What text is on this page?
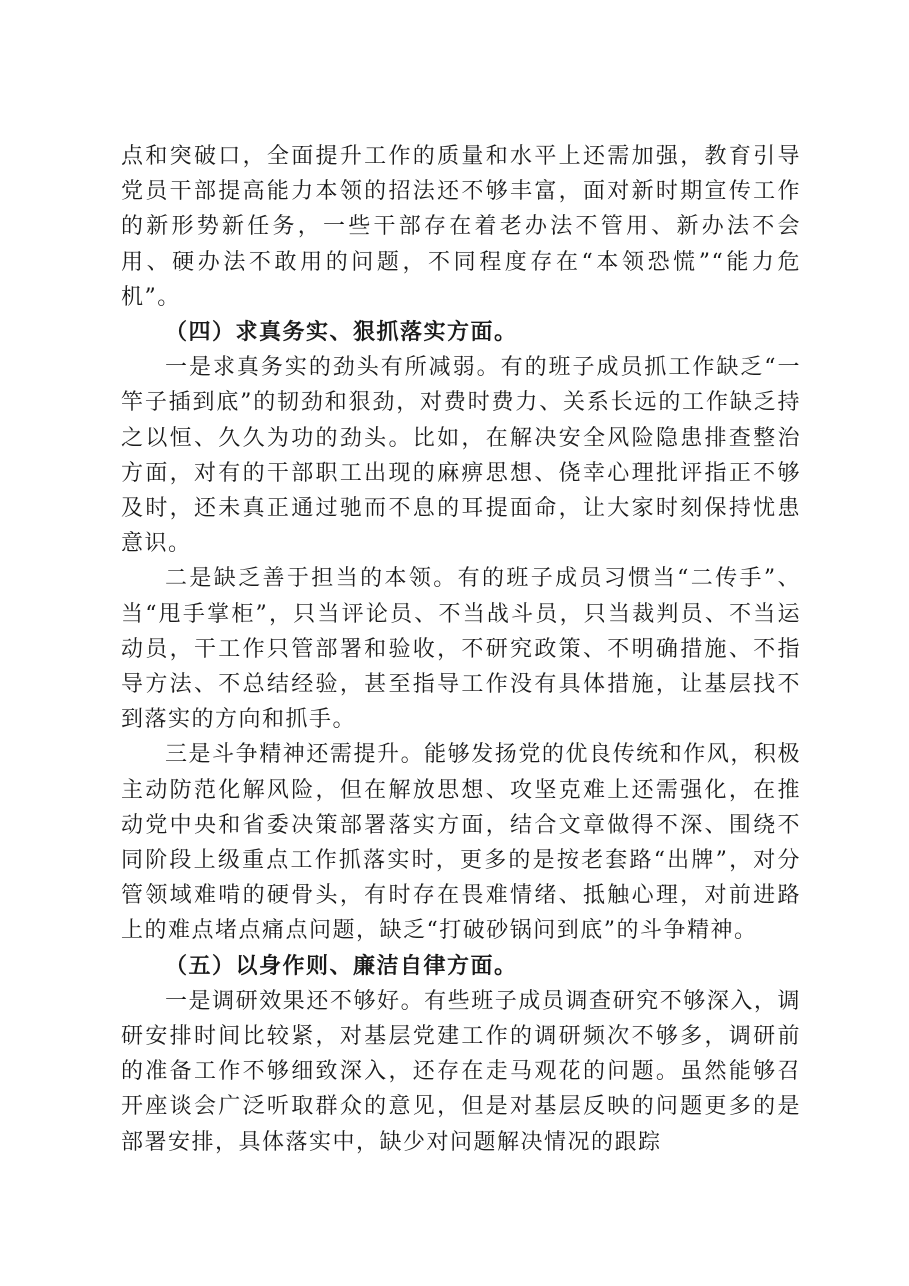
点和突破口，全面提升工作的质量和水平上还需加强，教育引导党员干部提高能力本领的招法还不够丰富，面对新时期宣传工作的新形势新任务，一些干部存在着老办法不管用、新办法不会用、硬办法不敢用的问题，不同程度存在“本领恐慌”“能力危机”。

（四）求真务实、狠抓落实方面。

一是求真务实的劲头有所减弱。有的班子成员抓工作缺乏“一竿子插到底”的韧劲和狠劲，对费时费力、关系长远的工作缺乏持之以恒、久久为功的劲头。比如，在解决安全风险隐患排查整治方面，对有的干部职工出现的麻痹思想、侥幸心理批评指正不够及时，还未真正通过驰而不息的耳提面命，让大家时刻保持忧患意识。

二是缺乏善于担当的本领。有的班子成员习惯当“二传手”、当“甩手掌柜”，只当评论员、不当战斗员，只当裁判员、不当运动员，干工作只管部署和验收，不研究政策、不明确措施、不指导方法、不总结经验，甚至指导工作没有具体措施，让基层找不到落实的方向和抓手。

三是斗争精神还需提升。能够发扬党的优良传统和作风，积极主动防范化解风险，但在解放思想、攻坚克难上还需强化，在推动党中央和省委决策部署落实方面，结合文章做得不深、围绕不同阶段上级重点工作抓落实时，更多的是按老套路“出牌”，对分管领域难啃的硬骨头，有时存在畏难情绪、抵触心理，对前进路上的难点堵点痛点问题，缺乏“打破砂锅问到底”的斗争精神。

（五）以身作则、廉洁自律方面。

一是调研效果还不够好。有些班子成员调查研究不够深入，调研安排时间比较紧，对基层党建工作的调研频次不够多，调研前的准备工作不够细致深入，还存在走马观花的问题。虽然能够召开座谈会广泛听取群众的意见，但是对基层反映的问题更多的是部署安排，具体落实中，缺少对问题解决情况的跟踪
